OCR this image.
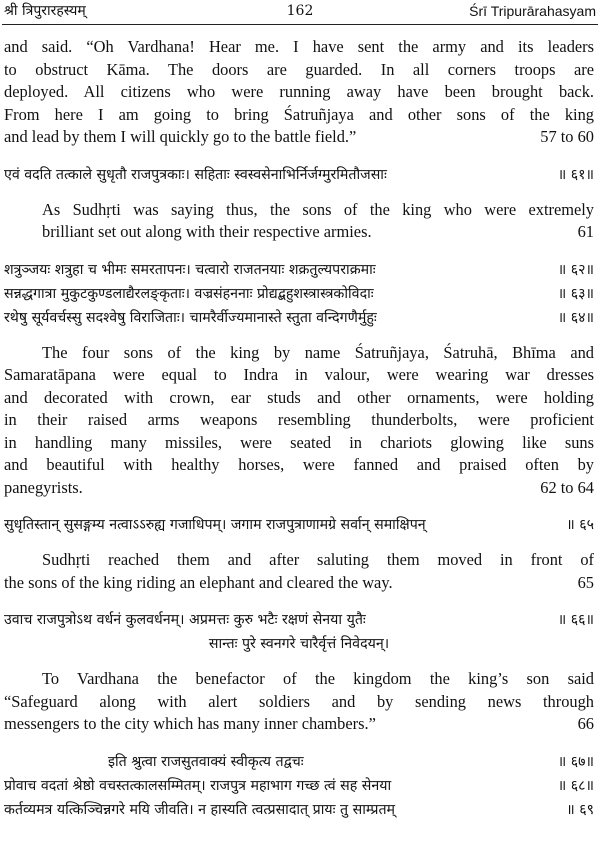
श्री त्रिपुरारहस्यम्	162	Śrī Tripurārahasyam
and said. “Oh Vardhana! Hear me. I have sent the army and its leaders
to obstruct Kāma. The doors are guarded. In all corners troops are
deployed. All citizens who were running away have been brought back.
From here I am going to bring Śatruñjaya and other sons of the king
and lead by them I will quickly go to the battle field.”	57 to 60
एवं वदति तत्काले सुधृतौ राजपुत्रकाः। सहिताः स्वस्वसेनाभिर्निर्जग्मुरमितौजसाः	॥ ६१॥
As Sudhṛti was saying thus, the sons of the king who were extremely
brilliant set out along with their respective armies.	61
शत्रुञ्जयः शत्रुहा च भीमः समरतापनः। चत्वारो राजतनयाः शक्रतुल्यपराक्रमाः	॥ ६२॥
सन्नद्धगात्रा मुकुटकुण्डलाद्यैरलङ्कृताः। वज्रसंहननाः प्रोद्यद्बहुशस्त्रास्त्रकोविदाः	॥ ६३॥
रथेषु सूर्यवर्चस्सु सदश्वेषु विराजिताः। चामरैर्वीज्यमानास्ते स्तुता वन्दिगणैर्मुहुः	॥ ६४॥
The four sons of the king by name Śatruñjaya, Śatruhā, Bhīma and
Samaratāpana were equal to Indra in valour, were wearing war dresses
and decorated with crown, ear studs and other ornaments, were holding
in their raised arms weapons resembling thunderbolts, were proficient
in handling many missiles, were seated in chariots glowing like suns
and beautiful with healthy horses, were fanned and praised often by
panegyrists.	62 to 64
सुधृतिस्तान् सुसङ्गम्य नत्वाऽऽरुह्य गजाधिपम्। जगाम राजपुत्राणामग्रे सर्वान् समाक्षिपन्	॥ ६५
Sudhṛti reached them and after saluting them moved in front of
the sons of the king riding an elephant and cleared the way.	65
उवाच राजपुत्रोऽथ वर्धनं कुलवर्धनम्। अप्रमत्तः कुरु भटैः रक्षणं सेनया युतैः	॥ ६६॥
सान्तः पुरे स्वनगरे चारैर्वृत्तं निवेदयन्।
To Vardhana the benefactor of the kingdom the king’s son said
“Safeguard along with alert soldiers and by sending news through
messengers to the city which has many inner chambers.”	66
इति श्रुत्वा राजसुतवाक्यं स्वीकृत्य तद्वचः	॥ ६७॥
प्रोवाच वदतां श्रेष्ठो वचस्तत्कालसम्मितम्। राजपुत्र महाभाग गच्छ त्वं सह सेनया	॥ ६८॥
कर्तव्यमत्र यत्किञ्चिन्नगरे मयि जीवति। न हास्यति त्वत्प्रसादात् प्रायः तु साम्प्रतम्	॥ ६९
